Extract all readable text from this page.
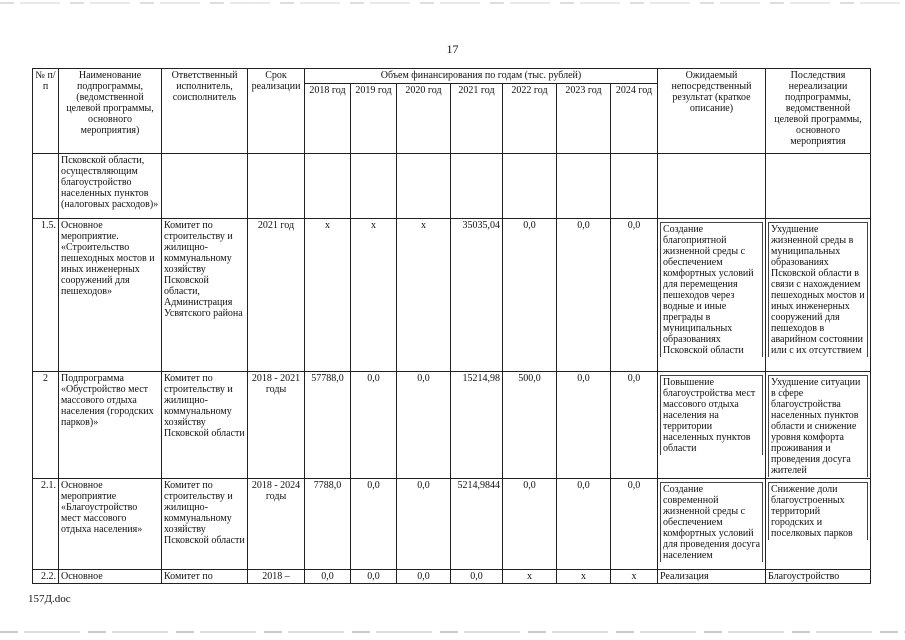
17
№ п/п	Наименование подпрограммы, (ведомственной целевой программы, основного мероприятия)	Ответственный исполнитель, соисполнитель	Срок реализации	Объем финансирования по годам (тыс. рублей)							Ожидаемый непосредственный результат (краткое описание)	Последствия нереализации подпрограммы, ведомственной целевой программы, основного мероприятия
				2018 год	2019 год	2020 год	2021 год	2022 год	2023 год	2024 год		
	Псковской области, осуществляющим благоустройство населенных пунктов (налоговых расходов)»											
1.5.	Основное мероприятие. «Строительство пешеходных мостов и иных инженерных сооружений для пешеходов»	Комитет по строительству и жилищно-коммунальному хозяйству Псковской области, Администрация Усвятского района	2021 год	x	x	x	35035,04	0,0	0,0	0,0	Создание благоприятной жизненной среды с обеспечением комфортных условий для перемещения пешеходов через водные и иные преграды в муниципальных образованиях Псковской области	Ухудшение жизненной среды в муниципальных образованиях Псковской области в связи с нахождением пешеходных мостов и иных инженерных сооружений для пешеходов в аварийном состоянии или с их отсутствием

2	Подпрограмма «Обустройство мест массового отдыха населения (городских парков)»	Комитет по строительству и жилищно-коммунальному хозяйству Псковской области	2018 - 2021 годы	57788,0	0,0	0,0	15214,98	500,0	0,0	0,0	Повышение благоустройства мест массового отдыха населения на территории населенных пунктов области	Ухудшение ситуации в сфере благоустройства населенных пунктов области и снижение уровня комфорта проживания и проведения досуга жителей

2.1.	Основное мероприятие «Благоустройство мест массового отдыха населения»	Комитет по строительству и жилищно-коммунальному хозяйству Псковской области	2018 - 2024 годы	7788,0	0,0	0,0	5214,9844	0,0	0,0	0,0	Создание современной жизненной среды с обеспечением комфортных условий для проведения досуга населением	Снижение доли благоустроенных территорий городских и поселковых парков

2.2.	Основное	Комитет по	2018 –	0,0	0,0	0,0	0,0	x	x	x	Реализация	Благоустройство
157Д.doc
